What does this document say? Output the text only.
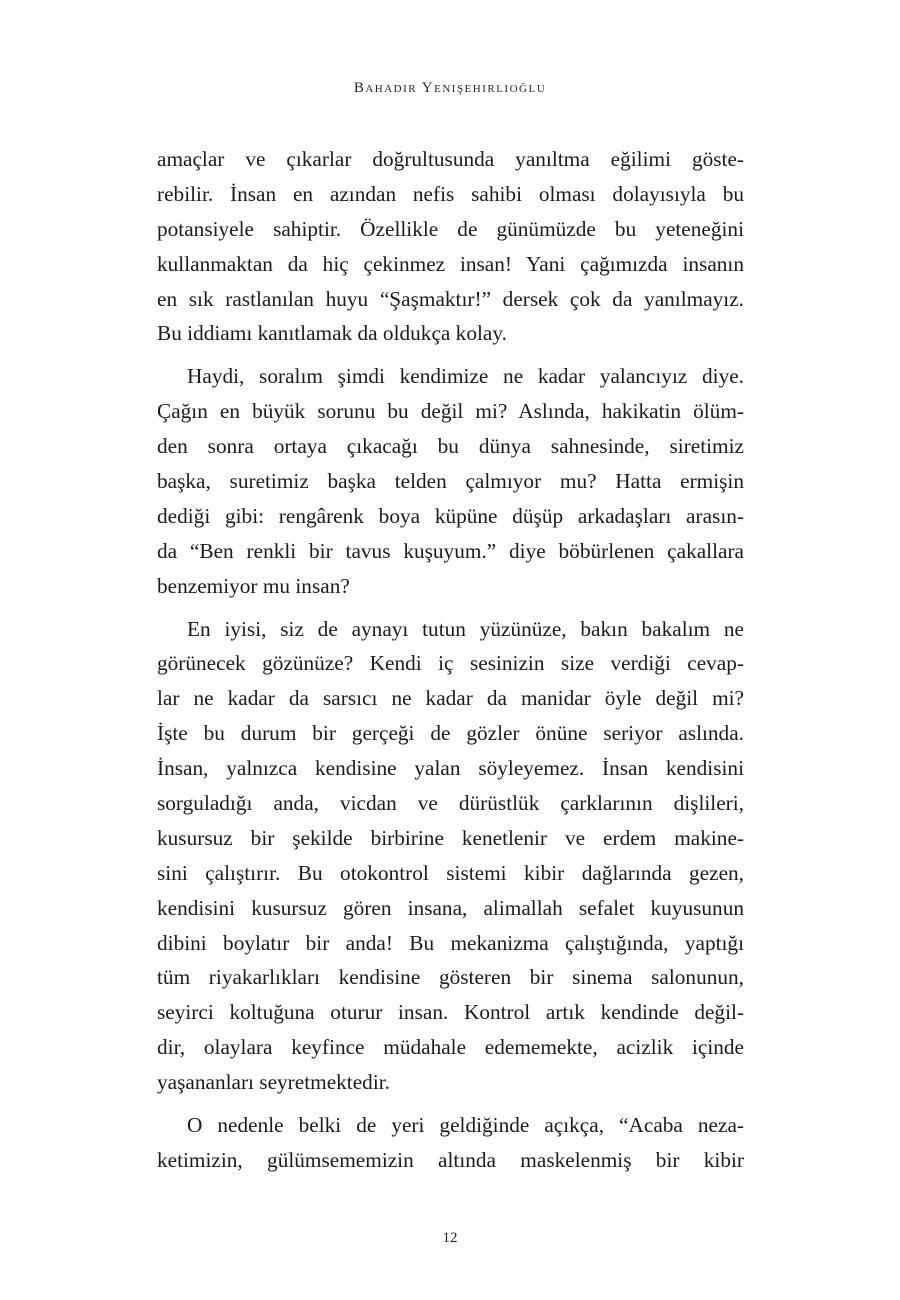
Bahadır Yenişehirlioğlu
amaçlar ve çıkarlar doğrultusunda yanıltma eğilimi göste-
rebilir. İnsan en azından nefis sahibi olması dolayısıyla bu
potansiyele sahiptir. Özellikle de günümüzde bu yeteneğini
kullanmaktan da hiç çekinmez insan! Yani çağımızda insanın
en sık rastlanılan huyu “Şaşmaktır!” dersek çok da yanılmayız.
Bu iddiamı kanıtlamak da oldukça kolay.
Haydi, soralım şimdi kendimize ne kadar yalancıyız diye.
Çağın en büyük sorunu bu değil mi? Aslında, hakikatin ölüm-
den sonra ortaya çıkacağı bu dünya sahnesinde, siretimiz
başka, suretimiz başka telden çalmıyor mu? Hatta ermişin
dediği gibi: rengârenk boya küpüne düşüp arkadaşları arasın-
da “Ben renkli bir tavus kuşuyum.” diye böbürlenen çakallara
benzemiyor mu insan?
En iyisi, siz de aynayı tutun yüzünüze, bakın bakalım ne
görünecek gözünüze? Kendi iç sesinizin size verdiği cevap-
lar ne kadar da sarsıcı ne kadar da manidar öyle değil mi?
İşte bu durum bir gerçeği de gözler önüne seriyor aslında.
İnsan, yalnızca kendisine yalan söyleyemez. İnsan kendisini
sorguladığı anda, vicdan ve dürüstlük çarklarının dişlileri,
kusursuz bir şekilde birbirine kenetlenir ve erdem makine-
sini çalıştırır. Bu otokontrol sistemi kibir dağlarında gezen,
kendisini kusursuz gören insana, alimallah sefalet kuyusunun
dibini boylatır bir anda! Bu mekanizma çalıştığında, yaptığı
tüm riyakarlıkları kendisine gösteren bir sinema salonunun,
seyirci koltuğuna oturur insan. Kontrol artık kendinde değil-
dir, olaylara keyfince müdahale edememekte, acizlik içinde
yaşananları seyretmektedir.
O nedenle belki de yeri geldiğinde açıkça, “Acaba neza-
ketimizin, gülümsememizin altında maskelenmiş bir kibir
12
